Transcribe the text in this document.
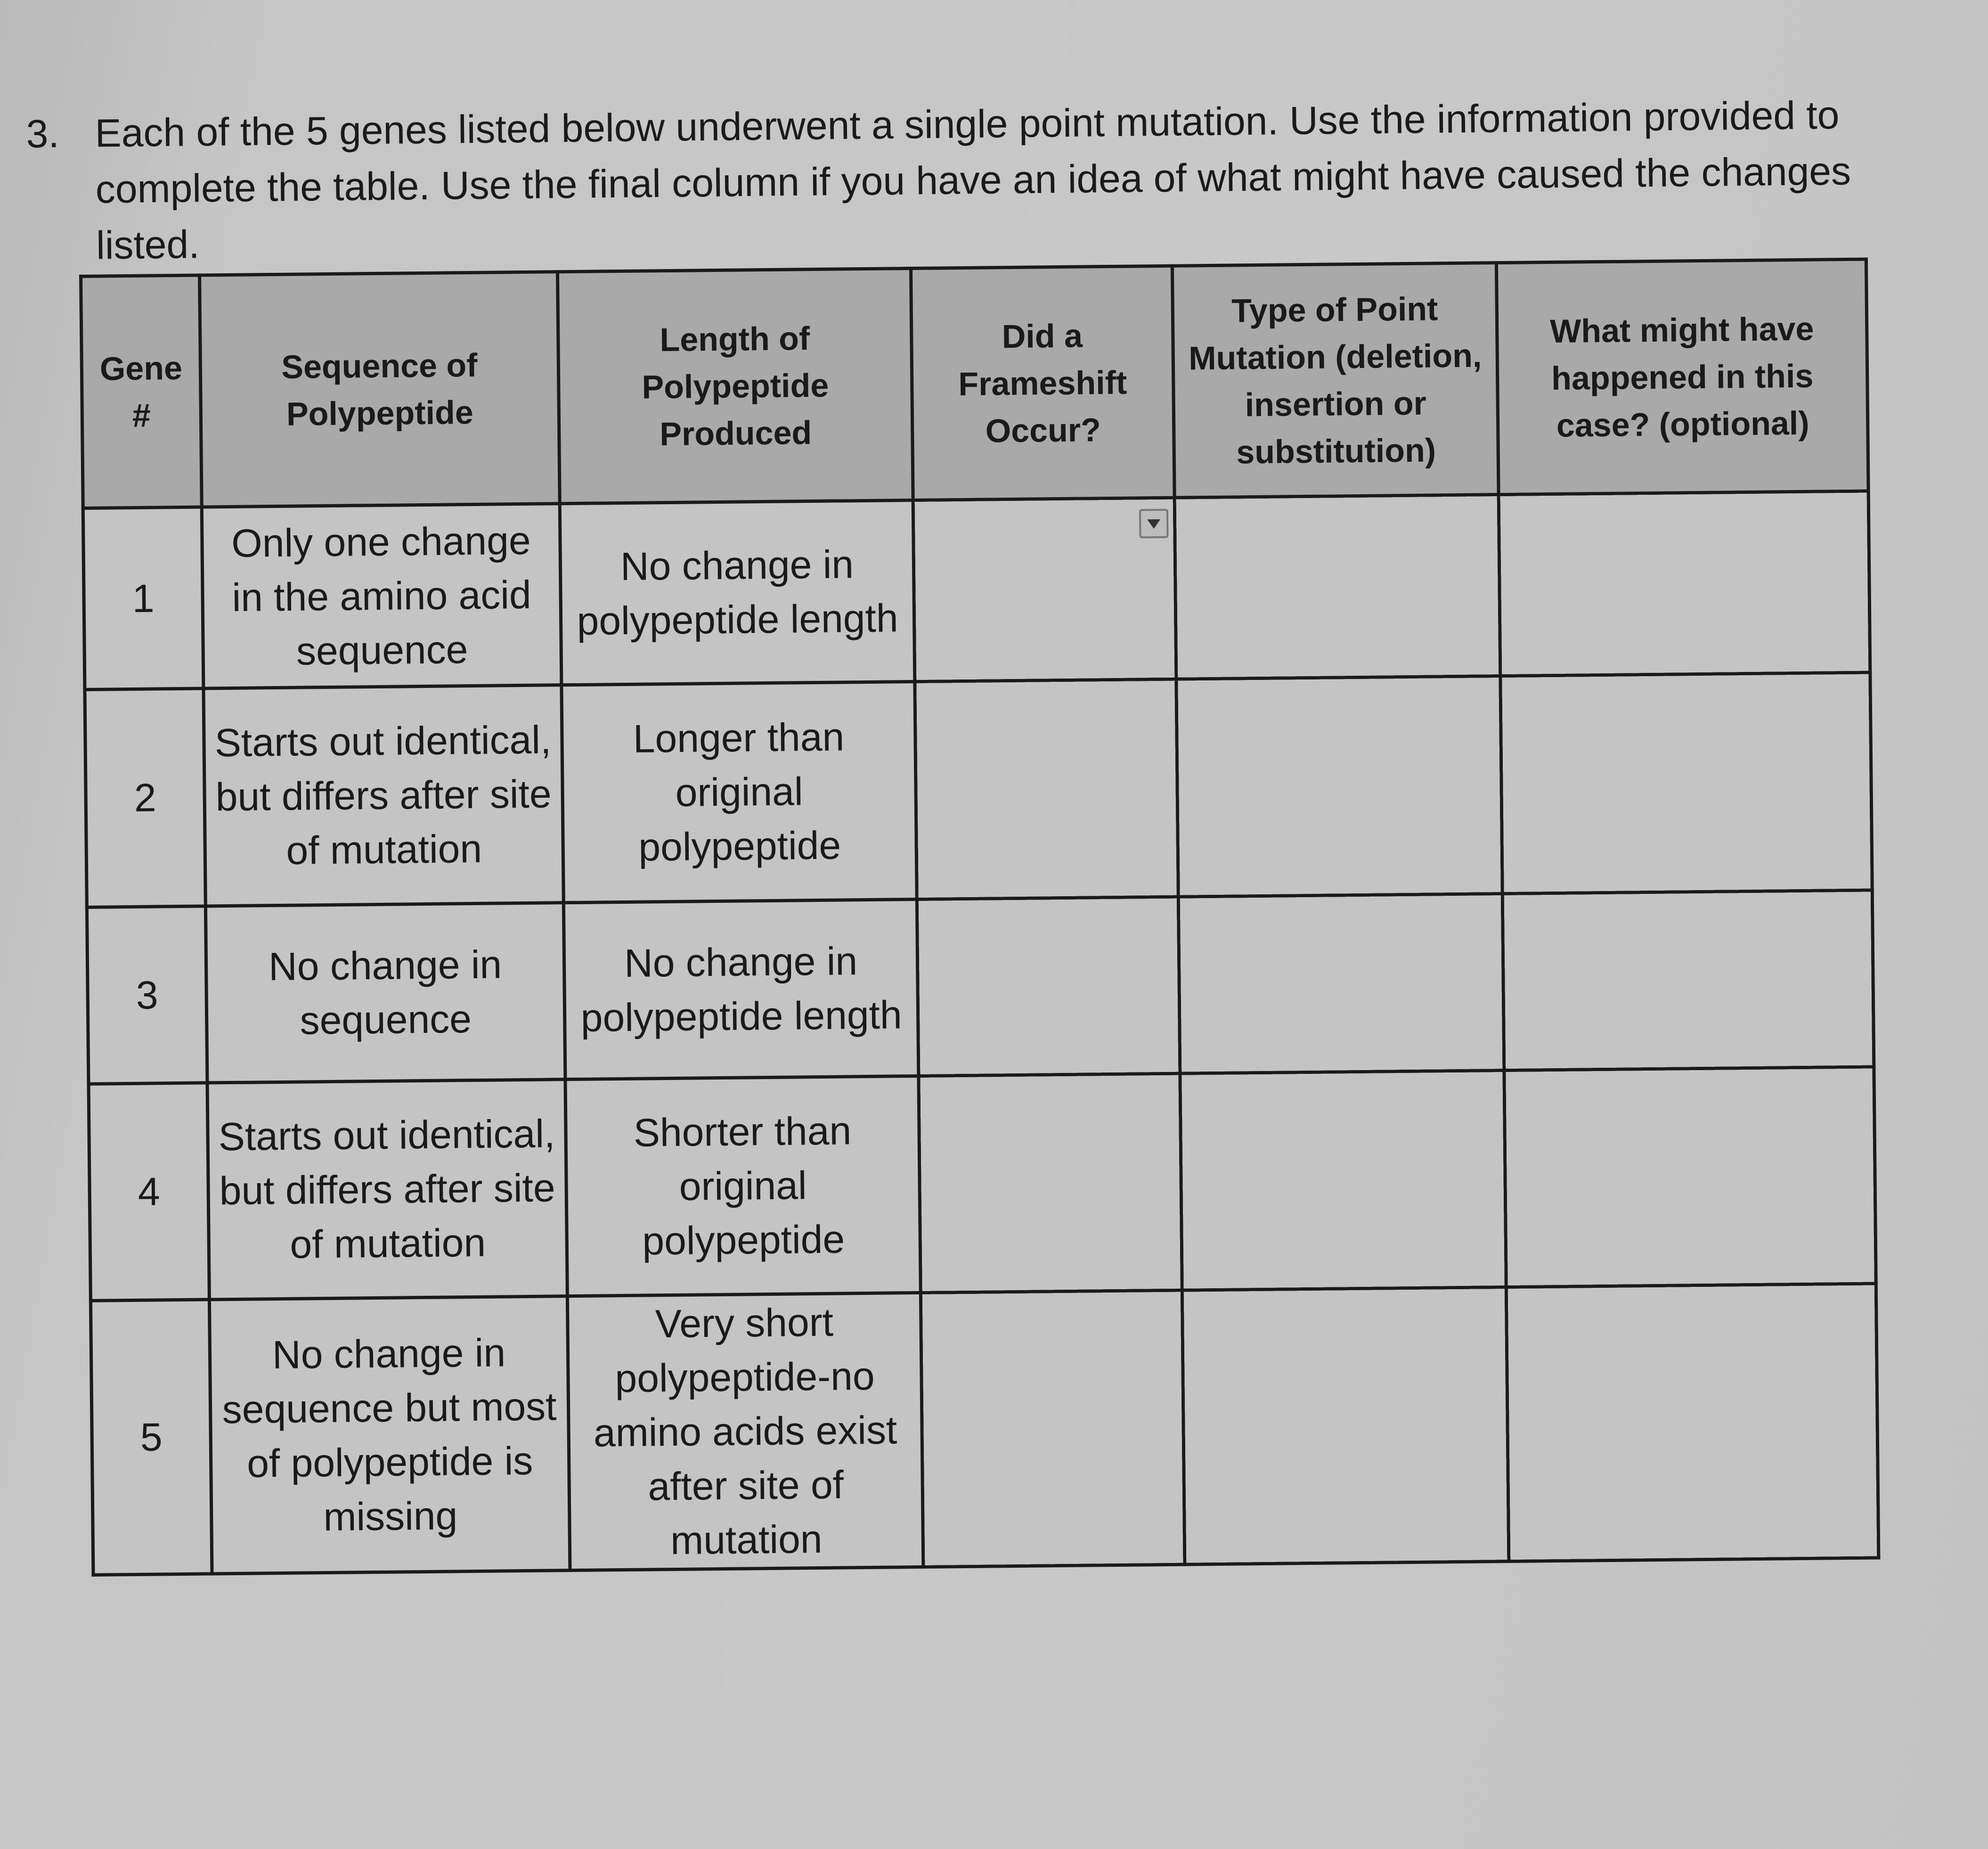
3. Each of the 5 genes listed below underwent a single point mutation. Use the information provided to complete the table. Use the final column if you have an idea of what might have caused the changes listed.
Gene #	Sequence of Polypeptide	Length of Polypeptide Produced	Did a Frameshift Occur?	Type of Point Mutation (deletion, insertion or substitution)	What might have happened in this case? (optional)
1	Only one change in the amino acid sequence	No change in polypeptide length	

2	Starts out identical, but differs after site of mutation	Longer than original polypeptide			
3	No change in sequence	No change in polypeptide length			
4	Starts out identical, but differs after site of mutation	Shorter than original polypeptide			
5	No change in sequence but most of polypeptide is missing	Very short polypeptide-no amino acids exist after site of mutation			
